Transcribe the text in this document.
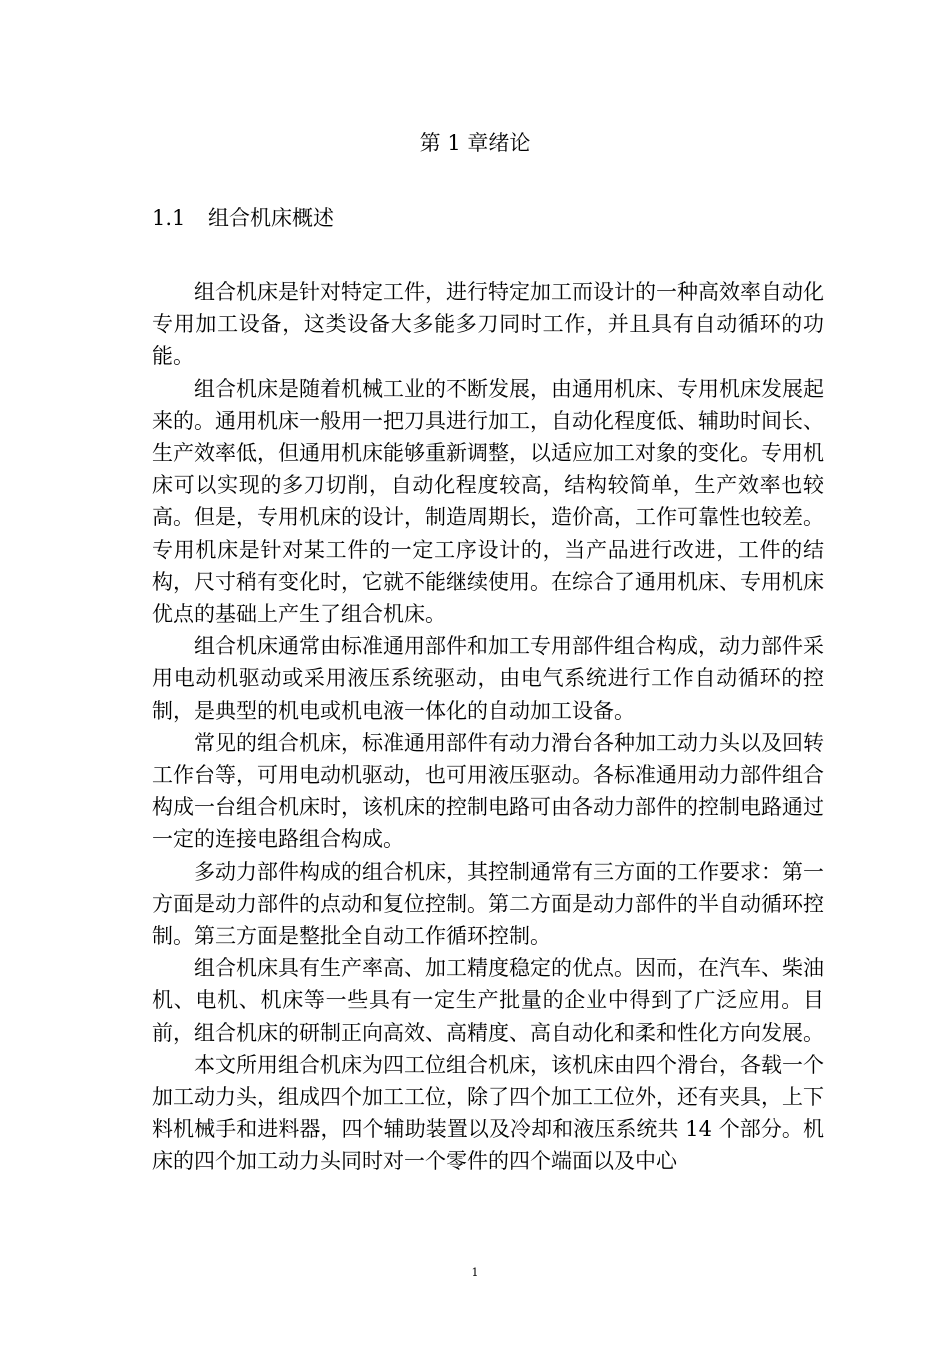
第 1 章绪论
1.1 组合机床概述

组合机床是针对特定工件，进行特定加工而设计的一种高效率自动化专用加工设备，这类设备大多能多刀同时工作，并且具有自动循环的功能。

组合机床是随着机械工业的不断发展，由通用机床、专用机床发展起来的。通用机床一般用一把刀具进行加工，自动化程度低、辅助时间长、生产效率低，但通用机床能够重新调整，以适应加工对象的变化。专用机床可以实现的多刀切削，自动化程度较高，结构较简单，生产效率也较高。但是，专用机床的设计，制造周期长，造价高，工作可靠性也较差。专用机床是针对某工件的一定工序设计的，当产品进行改进，工件的结构，尺寸稍有变化时，它就不能继续使用。在综合了通用机床、专用机床优点的基础上产生了组合机床。

组合机床通常由标准通用部件和加工专用部件组合构成，动力部件采用电动机驱动或采用液压系统驱动，由电气系统进行工作自动循环的控制，是典型的机电或机电液一体化的自动加工设备。

常见的组合机床，标准通用部件有动力滑台各种加工动力头以及回转工作台等，可用电动机驱动，也可用液压驱动。各标准通用动力部件组合构成一台组合机床时，该机床的控制电路可由各动力部件的控制电路通过一定的连接电路组合构成。

多动力部件构成的组合机床，其控制通常有三方面的工作要求：第一方面是动力部件的点动和复位控制。第二方面是动力部件的半自动循环控制。第三方面是整批全自动工作循环控制。

组合机床具有生产率高、加工精度稳定的优点。因而，在汽车、柴油机、电机、机床等一些具有一定生产批量的企业中得到了广泛应用。目前，组合机床的研制正向高效、高精度、高自动化和柔和性化方向发展。

本文所用组合机床为四工位组合机床，该机床由四个滑台，各载一个加工动力头，组成四个加工工位，除了四个加工工位外，还有夹具，上下料机械手和进料器，四个辅助装置以及冷却和液压系统共 14 个部分。机床的四个加工动力头同时对一个零件的四个端面以及中心

1
